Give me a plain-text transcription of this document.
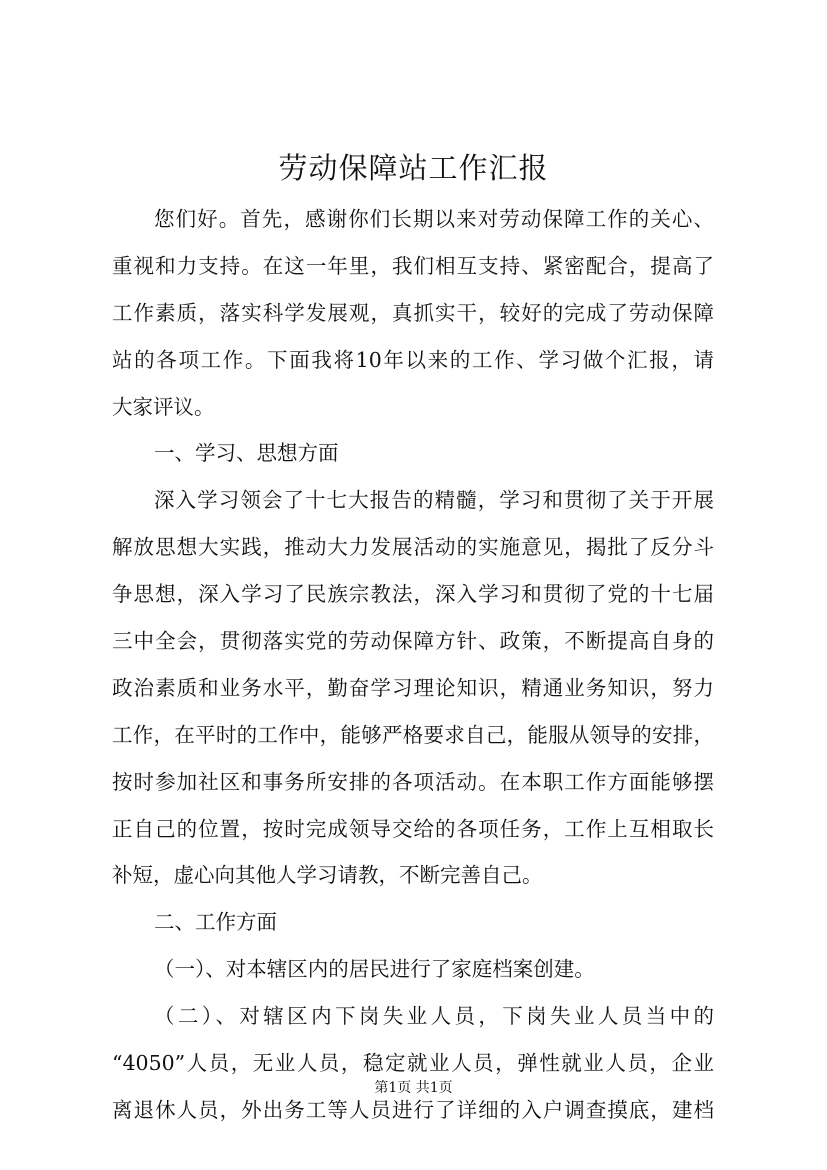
劳动保障站工作汇报
您们好。首先，感谢你们长期以来对劳动保障工作的关心、
重视和力支持。在这一年里，我们相互支持、紧密配合，提高了
工作素质，落实科学发展观，真抓实干，较好的完成了劳动保障
站的各项工作。下面我将10年以来的工作、学习做个汇报，请
大家评议。
一、学习、思想方面
深入学习领会了十七大报告的精髓，学习和贯彻了关于开展
解放思想大实践，推动大力发展活动的实施意见，揭批了反分斗
争思想，深入学习了民族宗教法，深入学习和贯彻了党的十七届
三中全会，贯彻落实党的劳动保障方针、政策，不断提高自身的
政治素质和业务水平，勤奋学习理论知识，精通业务知识，努力
工作，在平时的工作中，能够严格要求自己，能服从领导的安排，
按时参加社区和事务所安排的各项活动。在本职工作方面能够摆
正自己的位置，按时完成领导交给的各项任务，工作上互相取长
补短，虚心向其他人学习请教，不断完善自己。
二、工作方面
（一）、对本辖区内的居民进行了家庭档案创建。
（二）、对辖区内下岗失业人员，下岗失业人员当中的
“4050”人员，无业人员，稳定就业人员，弹性就业人员，企业
离退休人员，外出务工等人员进行了详细的入户调查摸底，建档
第1页 共1页
